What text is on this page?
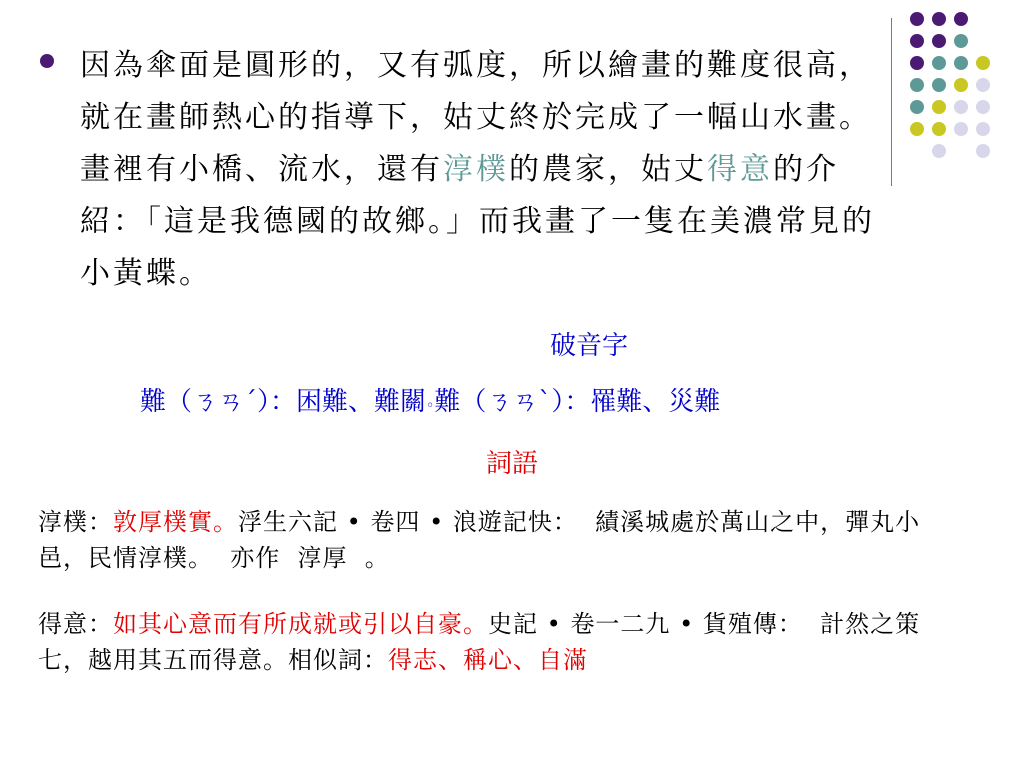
因為傘面是圓形的，又有弧度，所以繪畫的難度很高，就在畫師熱心的指導下，姑丈終於完成了一幅山水畫。畫裡有小橋、流水，還有淳樸的農家，姑丈得意的介紹：「這是我德國的故鄉。」而我畫了一隻在美濃常見的小黃蝶。
破音字
難（ㄋㄢˊ）：困難、難關◦難（ㄋㄢˋ）：罹難、災難
詞語
淳樸：敦厚樸實。浮生六記 • 卷四 • 浪遊記快： 績溪城處於萬山之中，彈丸小邑，民情淳樸。 亦作 淳厚 。
得意：如其心意而有所成就或引以自豪。史記 • 卷一二九 • 貨殖傳： 計然之策七，越用其五而得意。相似詞：得志、稱心、自滿
